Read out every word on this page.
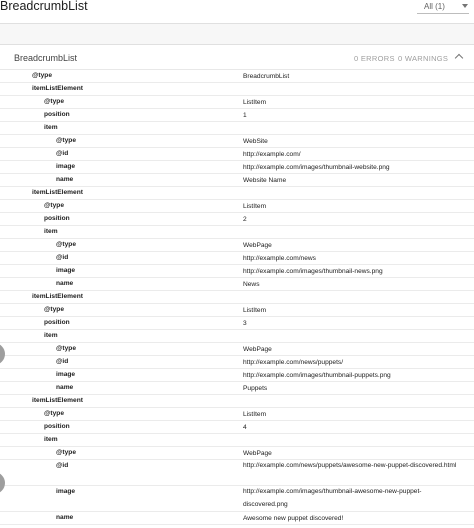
BreadcrumbList	All (1)
BreadcrumbList	0 ERRORS 0 WARNINGS
@type	BreadcrumbList
itemListElement
@type	ListItem
position	1
item
@type	WebSite
@id	http://example.com/
image	http://example.com/images/thumbnail-website.png
name	Website Name
itemListElement
@type	ListItem
position	2
item
@type	WebPage
@id	http://example.com/news
image	http://example.com/images/thumbnail-news.png
name	News
itemListElement
@type	ListItem
position	3
item
@type	WebPage
@id	http://example.com/news/puppets/
image	http://example.com/images/thumbnail-puppets.png
name	Puppets
itemListElement
@type	ListItem
position	4
item
@type	WebPage
@id	http://example.com/news/puppets/awesome-new-puppet-discovered.html
image	http://example.com/images/thumbnail-awesome-new-puppet-discovered.png
name	Awesome new puppet discovered!
